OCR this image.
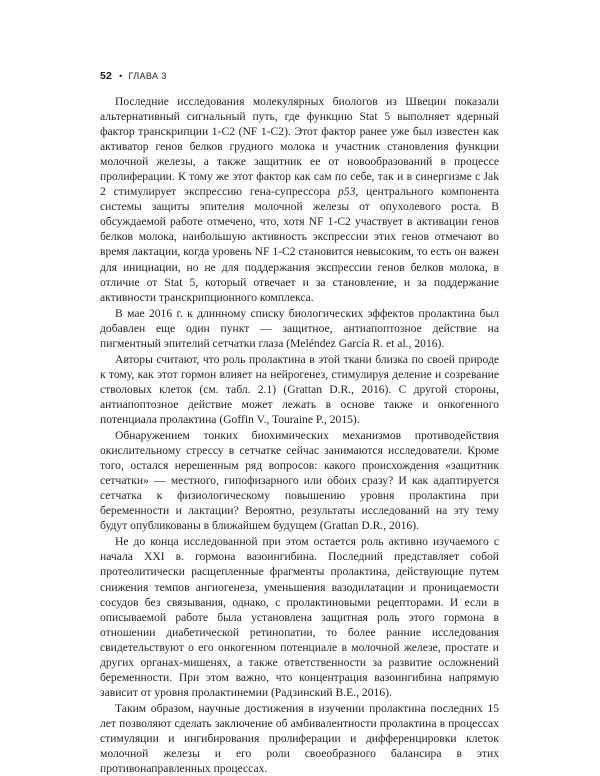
52 • ГЛАВА 3

Последние исследования молекулярных биологов из Швеции показали альтернативный сигнальный путь, где функцию Stat 5 выполняет ядерный фактор транскрипции 1-С2 (NF 1-С2). Этот фактор ранее уже был известен как активатор генов белков грудного молока и участник становления функции молочной железы, а также защитник ее от новообразований в процессе пролиферации. К тому же этот фактор как сам по себе, так и в синергизме с Jak 2 стимулирует экспрессию гена-супрессора p53, центрального компонента системы защиты эпителия молочной железы от опухолевого роста. В обсуждаемой работе отмечено, что, хотя NF 1-С2 участвует в активации генов белков молока, наибольшую активность экспрессии этих генов отмечают во время лактации, когда уровень NF 1-С2 становится невысоким, то есть он важен для инициации, но не для поддержания экспрессии генов белков молока, в отличие от Stat 5, который отвечает и за становление, и за поддержание активности транскрипционного комплекса.

В мае 2016 г. к длинному списку биологических эффектов пролактина был добавлен еще один пункт — защитное, антиапоптозное действие на пигментный эпителий сетчатки глаза (Meléndez García R. et al., 2016).

Авторы считают, что роль пролактина в этой ткани близка по своей природе к тому, как этот гормон влияет на нейрогенез, стимулируя деление и созревание стволовых клеток (см. табл. 2.1) (Grattan D.R., 2016). С другой стороны, антиапоптозное действие может лежать в основе также и онкогенного потенциала пролактина (Goffin V., Touraine P., 2015).

Обнаружением тонких биохимических механизмов противодействия окислительному стрессу в сетчатке сейчас занимаются исследователи. Кроме того, остался нерешенным ряд вопросов: какого происхождения «защитник сетчатки» — местного, гипофизарного или обоих сразу? И как адаптируется сетчатка к физиологическому повышению уровня пролактина при беременности и лактации? Вероятно, результаты исследований на эту тему будут опубликованы в ближайшем будущем (Grattan D.R., 2016).

Не до конца исследованной при этом остается роль активно изучаемого с начала XXI в. гормона вазоингибина. Последний представляет собой протеолитически расщепленные фрагменты пролактина, действующие путем снижения темпов ангиогенеза, уменьшения вазодилатации и проницаемости сосудов без связывания, однако, с пролактиновыми рецепторами. И если в описываемой работе была установлена защитная роль этого гормона в отношении диабетической ретинопатии, то более ранние исследования свидетельствуют о его онкогенном потенциале в молочной железе, простате и других органах-мишенях, а также ответственности за развитие осложнений беременности. При этом важно, что концентрация вазоингибина напрямую зависит от уровня пролактинемии (Радзинский В.Е., 2016).

Таким образом, научные достижения в изучении пролактина последних 15 лет позволяют сделать заключение об амбивалентности пролактина в процессах стимуляции и ингибирования пролиферации и дифференцировки клеток молочной железы и его роли своеобразного балансира в этих противонаправленных процессах.
